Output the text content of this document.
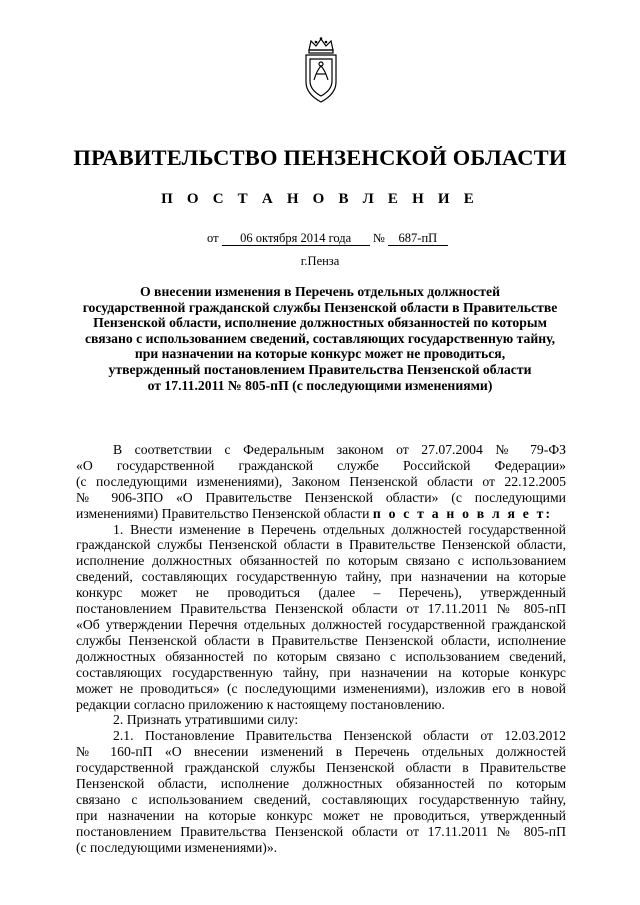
ПРАВИТЕЛЬСТВО ПЕНЗЕНСКОЙ ОБЛАСТИ
П О С Т А Н О В Л Е Н И Е
от 06 октября 2014 года № 687-пП
г.Пенза
О внесении изменения в Перечень отдельных должностей
государственной гражданской службы Пензенской области в Правительстве
Пензенской области, исполнение должностных обязанностей по которым
связано с использованием сведений, составляющих государственную тайну,
при назначении на которые конкурс может не проводиться,
утвержденный постановлением Правительства Пензенской области
от 17.11.2011 № 805-пП (с последующими изменениями)
В соответствии с Федеральным законом от 27.07.2004 № 79-ФЗ
«О государственной гражданской службе Российской Федерации»
(с последующими изменениями), Законом Пензенской области от 22.12.2005
№ 906-ЗПО «О Правительстве Пензенской области» (с последующими
изменениями) Правительство Пензенской области п о с т а н о в л я е т:
1. Внести изменение в Перечень отдельных должностей государственной
гражданской службы Пензенской области в Правительстве Пензенской области,
исполнение должностных обязанностей по которым связано с использованием
сведений, составляющих государственную тайну, при назначении на которые
конкурс может не проводиться (далее – Перечень), утвержденный
постановлением Правительства Пензенской области от 17.11.2011 № 805-пП
«Об утверждении Перечня отдельных должностей государственной гражданской
службы Пензенской области в Правительстве Пензенской области, исполнение
должностных обязанностей по которым связано с использованием сведений,
составляющих государственную тайну, при назначении на которые конкурс
может не проводиться» (с последующими изменениями), изложив его в новой
редакции согласно приложению к настоящему постановлению.
2. Признать утратившими силу:
2.1. Постановление Правительства Пензенской области от 12.03.2012
№ 160-пП «О внесении изменений в Перечень отдельных должностей
государственной гражданской службы Пензенской области в Правительстве
Пензенской области, исполнение должностных обязанностей по которым
связано с использованием сведений, составляющих государственную тайну,
при назначении на которые конкурс может не проводиться, утвержденный
постановлением Правительства Пензенской области от 17.11.2011 № 805-пП
(с последующими изменениями)».
